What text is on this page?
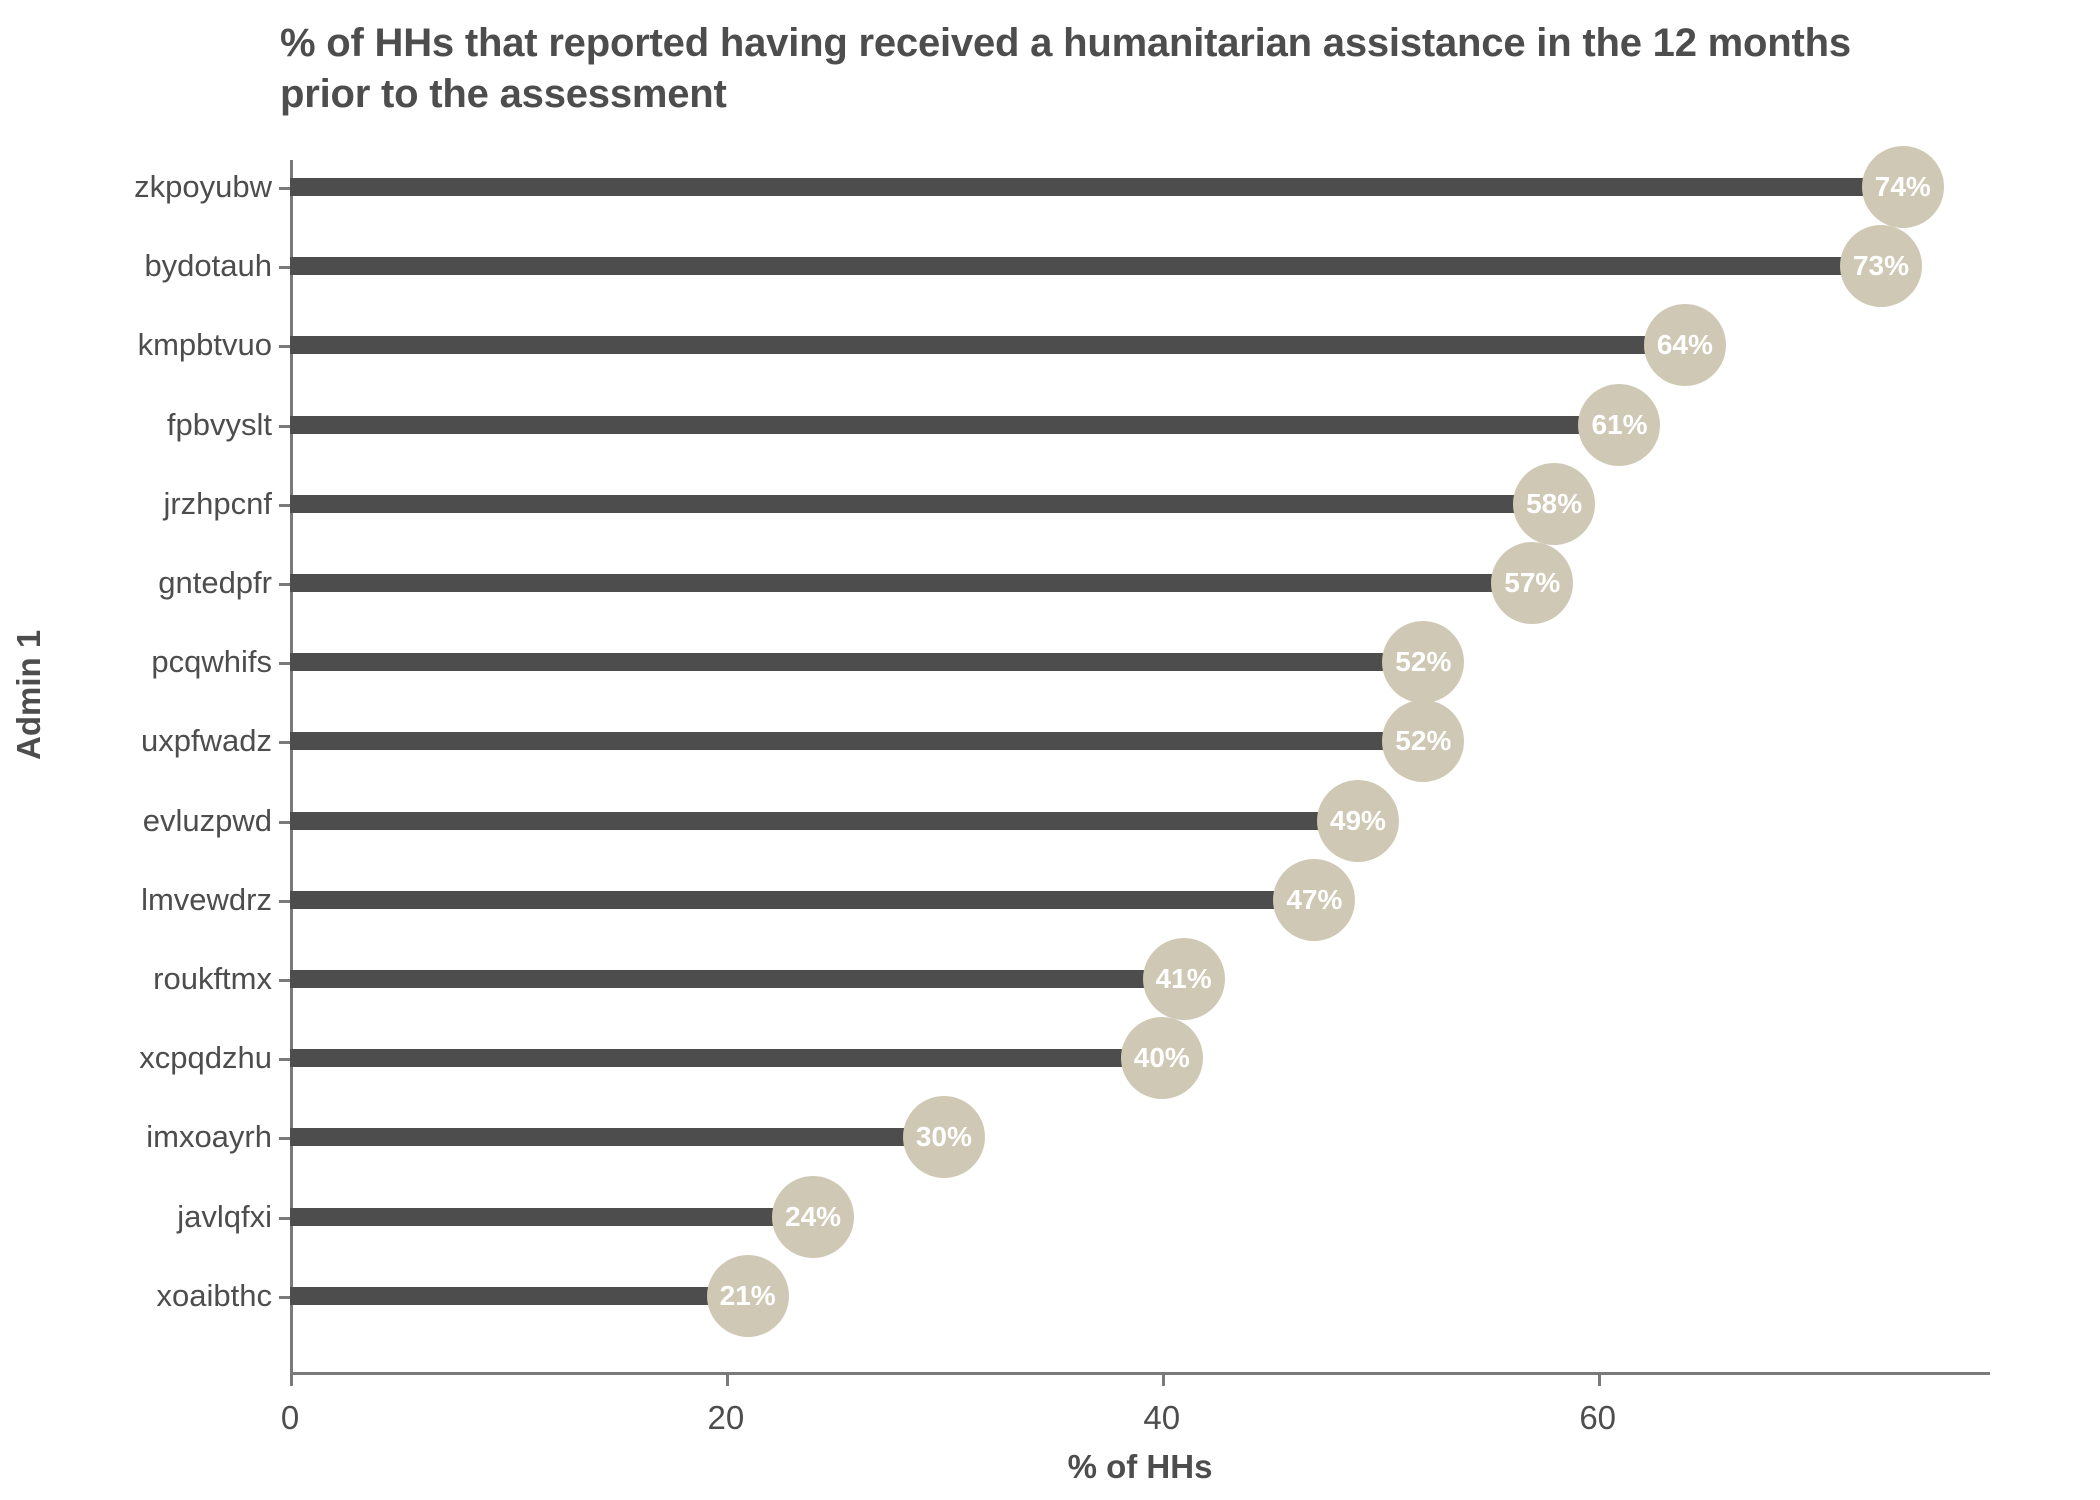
% of HHs that reported having received a humanitarian assistance in the 12 months prior to the assessment
Admin 1
74%
73%
64%
61%
58%
57%
52%
52%
49%
47%
41%
40%
30%
24%
21%
0	20	40	60
% of HHs
zkpoyubw
bydotauh
kmpbtvuo
fpbvyslt
jrzhpcnf
gntedpfr
pcqwhifs
uxpfwadz
evluzpwd
lmvewdrz
roukftmx
xcpqdzhu
imxoayrh
javlqfxi
xoaibthc
